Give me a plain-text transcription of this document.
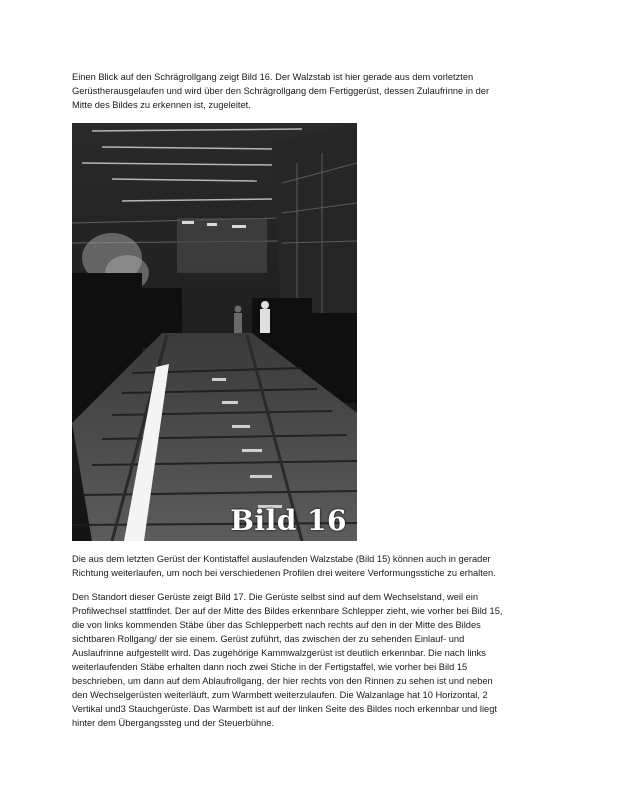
Einen Blick auf den Schrägrollgang zeigt Bild 16. Der Walzstab ist hier gerade aus dem vorletzten
Gerüstherausgelaufen und wird über den Schrägrollgang dem Fertiggerüst, dessen Zulaufrinne in der
Mitte des Bildes zu erkennen ist, zugeleitet.

Bild 16

Die aus dem letzten Gerüst der Kontistaffel auslaufenden Walzstabe (Bild 15) können auch in gerader
Richtung weiterlaufen, um noch bei verschiedenen Profilen drei weitere Verformungsstiche zu erhalten.

Den Standort dieser Gerüste zeigt Bild 17. Die Gerüste selbst sind auf dem Wechselstand, weil ein
Profilwechsel stattfindet. Der auf der Mitte des Bildes erkennbare Schlepper zieht, wie vorher bei Bild 15,
die von links kommenden Stäbe über das Schlepperbett nach rechts auf den in der Mitte des Bildes
sichtbaren Rollgang/ der sie einem. Gerüst zuführt, das zwischen der zu sehenden Einlauf- und
Auslaufrinne aufgestellt wird. Das zugehörige Kammwalzgerüst ist deutlich erkennbar. Die nach links
weiterlaufenden Stäbe erhalten dann noch zwei Stiche in der Fertigstaffel, wie vorher bei Bild 15
beschrieben, um dann auf dem Ablaufrollgang, der hier rechts von den Rinnen zu sehen ist und neben
den Wechselgerüsten weiterläuft, zum Warmbett weiterzulaufen. Die Walzanlage hat 10 Horizontal, 2
Vertikal und3 Stauchgerüste. Das Warmbett ist auf der linken Seite des Bildes noch erkennbar und liegt
hinter dem Übergangssteg und der Steuerbühne.
